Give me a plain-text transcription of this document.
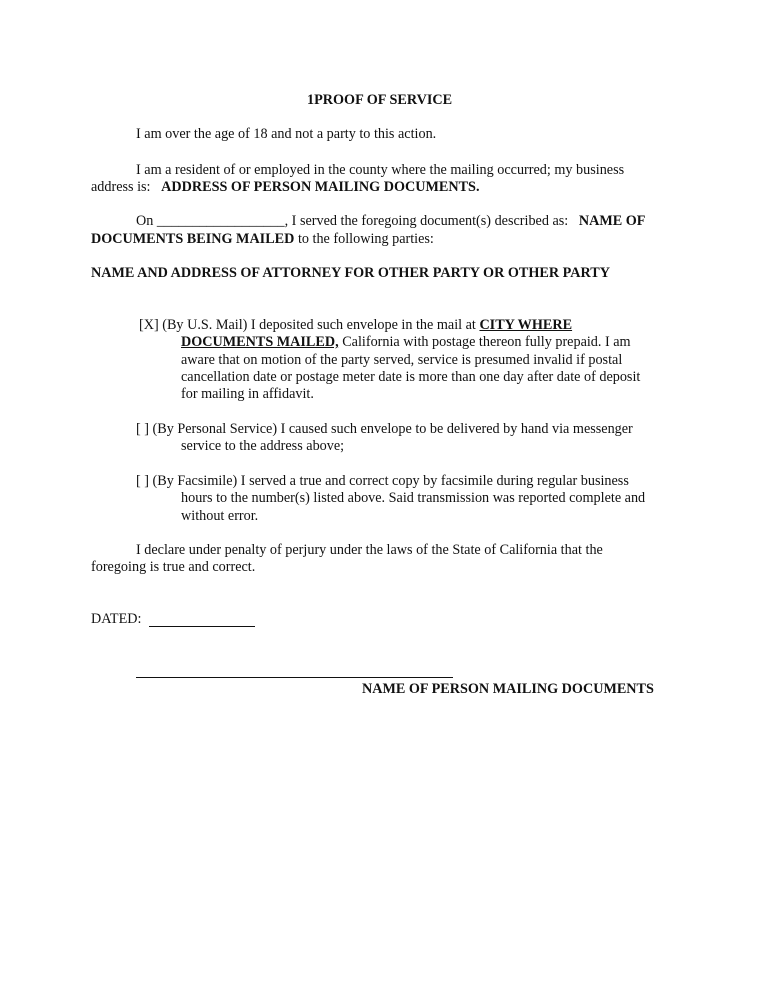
1PROOF OF SERVICE
I am over the age of 18 and not a party to this action.
I am a resident of or employed in the county where the mailing occurred; my business
address is: ADDRESS OF PERSON MAILING DOCUMENTS.
On __________________, I served the foregoing document(s) described as: NAME OF
DOCUMENTS BEING MAILED to the following parties:
NAME AND ADDRESS OF ATTORNEY FOR OTHER PARTY OR OTHER PARTY
[X] (By U.S. Mail) I deposited such envelope in the mail at CITY WHERE
DOCUMENTS MAILED, California with postage thereon fully prepaid. I am
aware that on motion of the party served, service is presumed invalid if postal
cancellation date or postage meter date is more than one day after date of deposit
for mailing in affidavit.
[ ] (By Personal Service) I caused such envelope to be delivered by hand via messenger
service to the address above;
[ ] (By Facsimile) I served a true and correct copy by facsimile during regular business
hours to the number(s) listed above. Said transmission was reported complete and
without error.
I declare under penalty of perjury under the laws of the State of California that the
foregoing is true and correct.
DATED:
NAME OF PERSON MAILING DOCUMENTS
